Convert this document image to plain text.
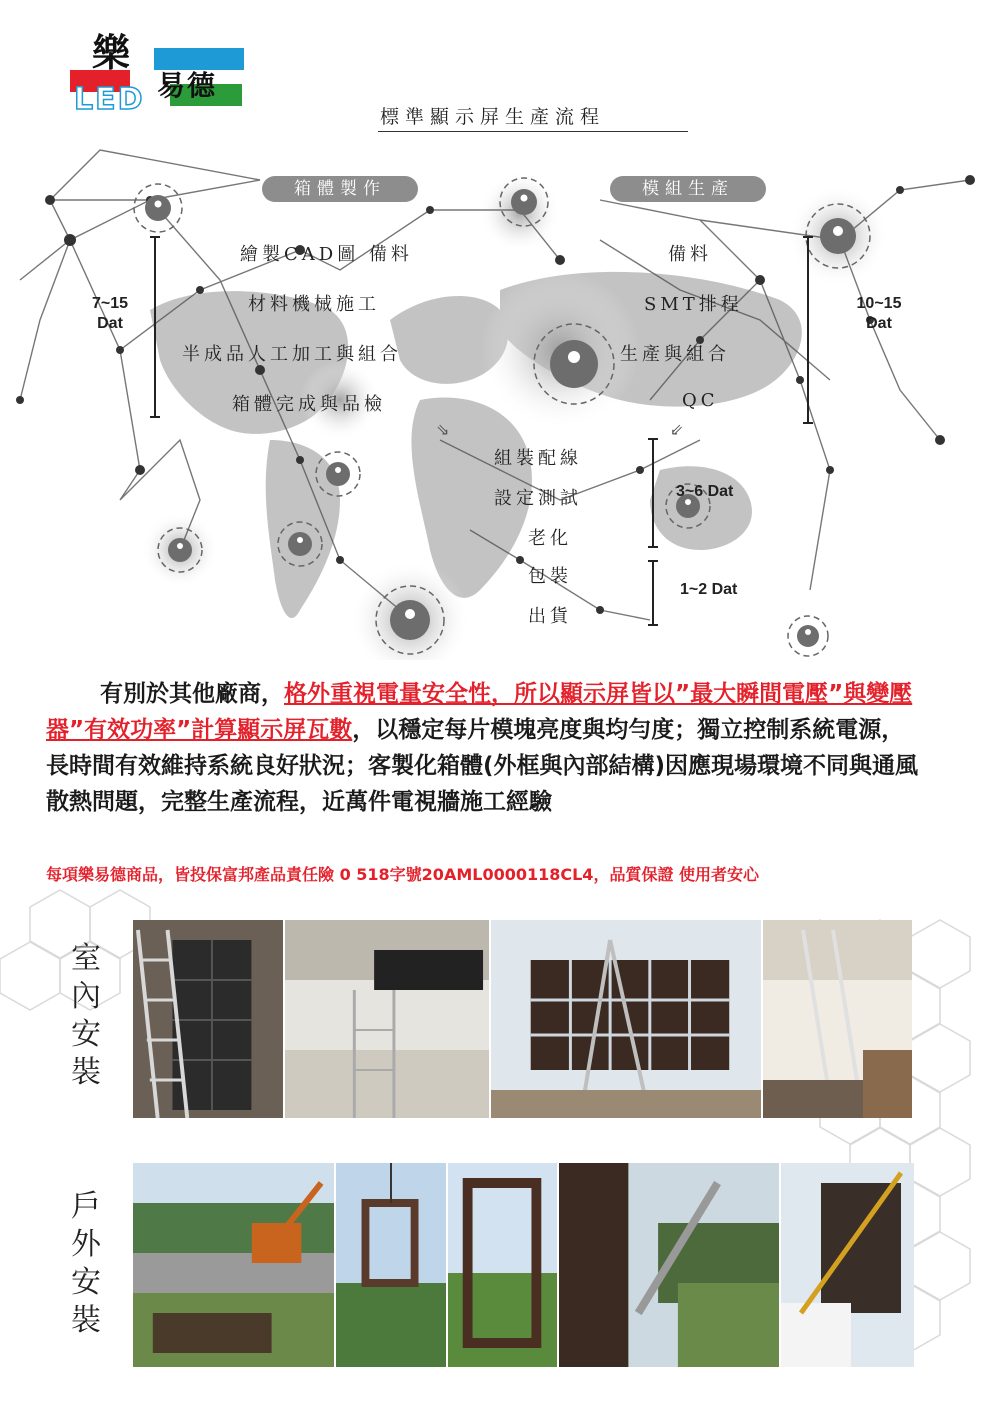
樂
易德
LED	標準顯示屏生產流程
箱體製作	模組生產
繪製CAD圖 備料
材料機械施工
半成品人工加工與組合
箱體完成與品檢
備料
SMT排程
生產與組合
QC
⇘	⇙
組裝配線
設定測試
老化
包裝
出貨
7~15
Dat
10~15
Dat
3~6 Dat
1~2 Dat
有別於其他廠商，格外重視電量安全性，所以顯示屏皆以”最大瞬間電壓”與變壓器”有效功率”計算顯示屏瓦數，以穩定每片模塊亮度與均勻度；獨立控制系統電源，長時間有效維持系統良好狀況；客製化箱體(外框與內部結構)因應現場環境不同與通風散熱問題，完整生產流程，近萬件電視牆施工經驗
每項樂易德商品，皆投保富邦產品責任險 0 518字號20AML0000118CL4，品質保證 使用者安心
室
內
安
裝
戶
外
安
裝
